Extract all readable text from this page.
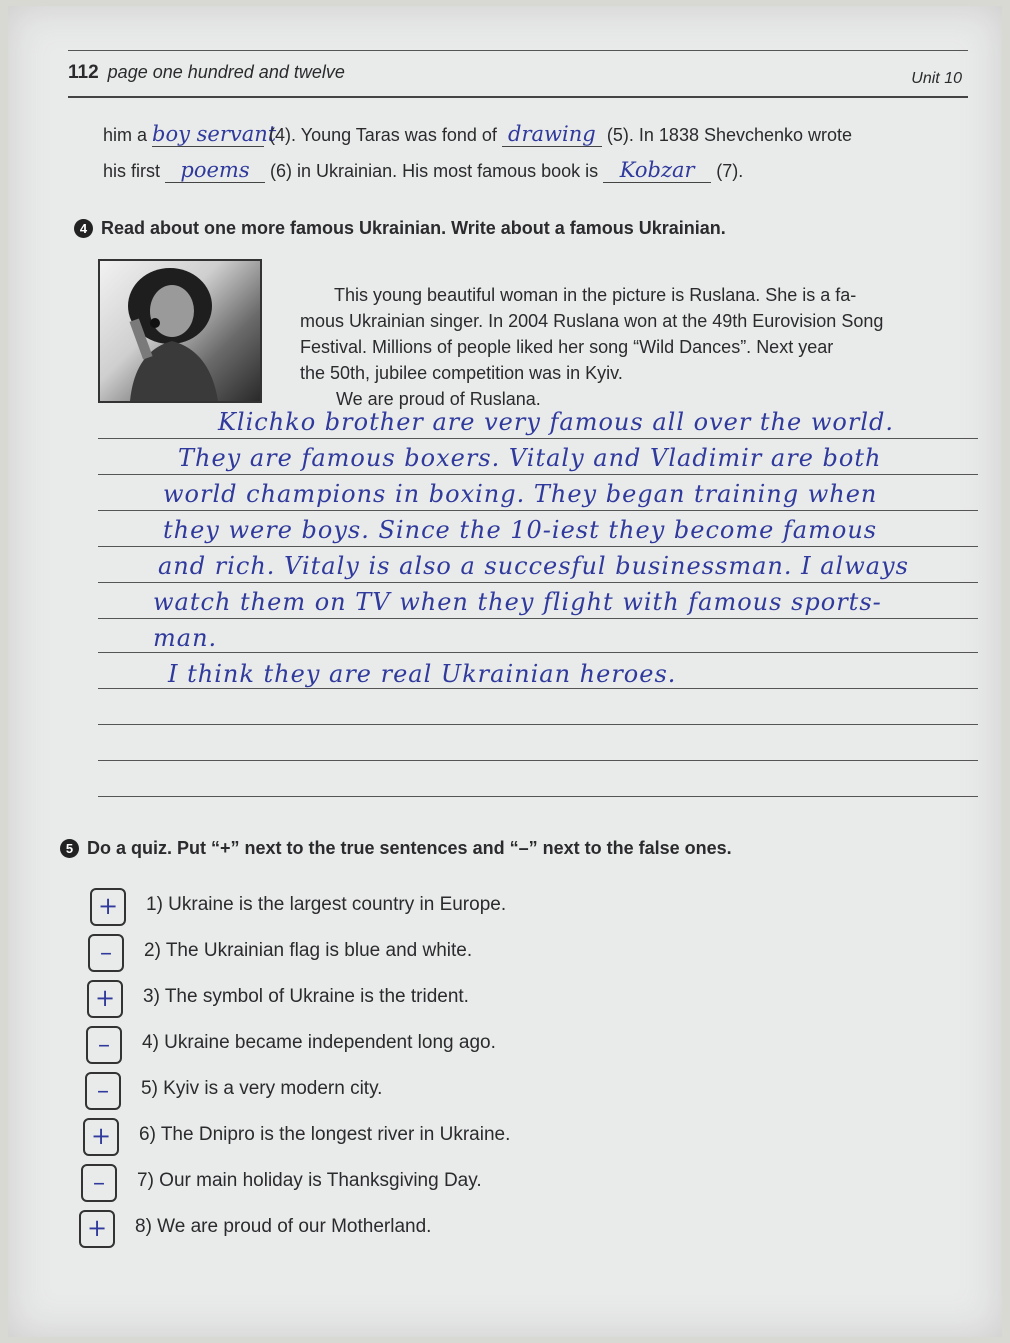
112 page one hundred and twelve	Unit 10
him a boy servant (4). Young Taras was fond of drawing (5). In 1838 Shevchenko wrote
his first poems (6) in Ukrainian. His most famous book is Kobzar (7).
4 Read about one more famous Ukrainian. Write about a famous Ukrainian.
This young beautiful woman in the picture is Ruslana. She is a fa-
mous Ukrainian singer. In 2004 Ruslana won at the 49th Eurovision Song
Festival. Millions of people liked her song “Wild Dances”. Next year
the 50th, jubilee competition was in Kyiv.
We are proud of Ruslana.
Klichko brother are very famous all over the world.
They are famous boxers. Vitaly and Vladimir are both
world champions in boxing. They began training when
they were boys. Since the 10-iest they become famous
and rich. Vitaly is also a succesful businessman. I always
watch them on TV when they flight with famous sports-
man.
I think they are real Ukrainian heroes.
5 Do a quiz. Put “+” next to the true sentences and “–” next to the false ones.
+	1) Ukraine is the largest country in Europe.
–	2) The Ukrainian flag is blue and white.
+	3) The symbol of Ukraine is the trident.
–	4) Ukraine became independent long ago.
–	5) Kyiv is a very modern city.
+	6) The Dnipro is the longest river in Ukraine.
–	7) Our main holiday is Thanksgiving Day.
+	8) We are proud of our Motherland.
